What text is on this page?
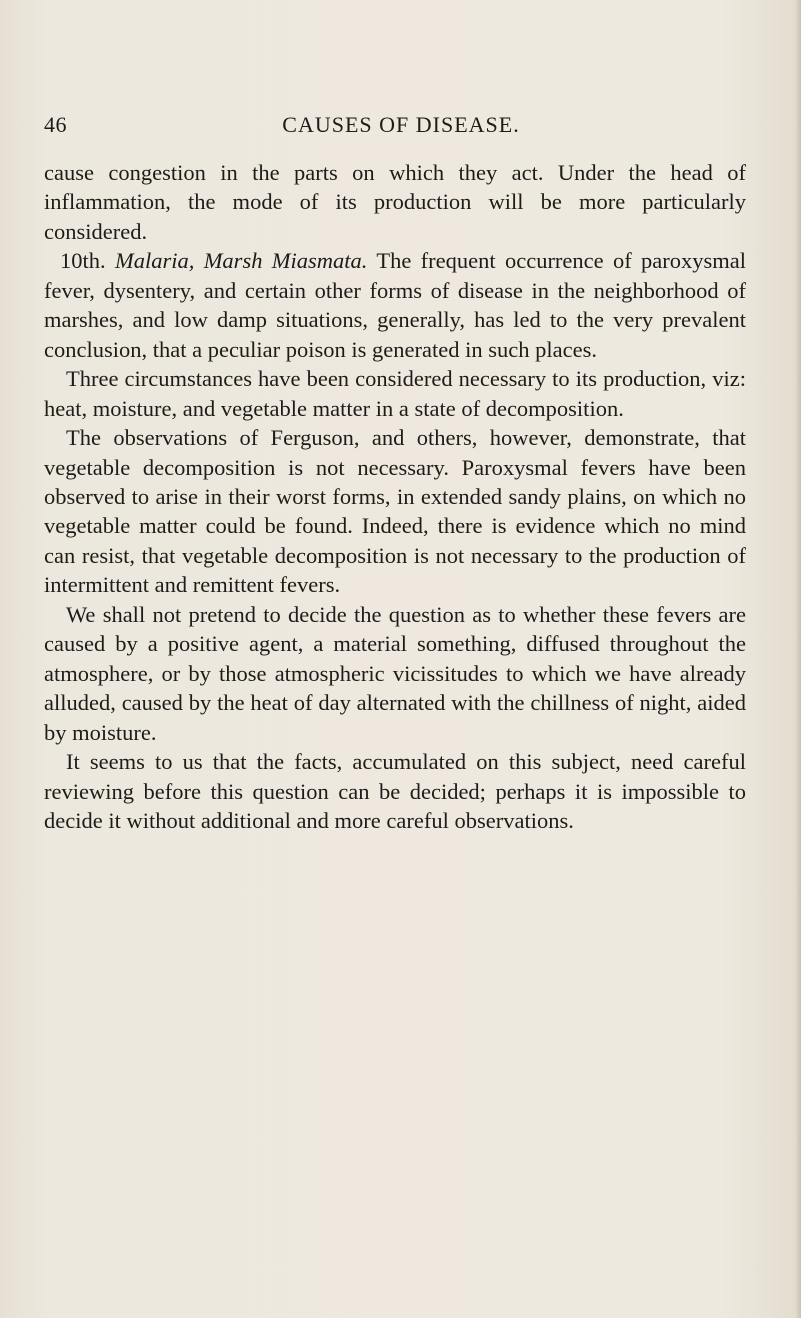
46	CAUSES OF DISEASE.

cause congestion in the parts on which they act. Under the head of inflammation, the mode of its production will be more particularly considered.

10th. Malaria, Marsh Miasmata. The frequent occurrence of paroxysmal fever, dysentery, and certain other forms of disease in the neighborhood of marshes, and low damp situations, generally, has led to the very prevalent conclusion, that a peculiar poison is generated in such places.

Three circumstances have been considered necessary to its production, viz: heat, moisture, and vegetable matter in a state of decomposition.

The observations of Ferguson, and others, however, demonstrate, that vegetable decomposition is not necessary. Paroxysmal fevers have been observed to arise in their worst forms, in extended sandy plains, on which no vegetable matter could be found. Indeed, there is evidence which no mind can resist, that vegetable decomposition is not necessary to the production of intermittent and remittent fevers.

We shall not pretend to decide the question as to whether these fevers are caused by a positive agent, a material something, diffused throughout the atmosphere, or by those atmospheric vicissitudes to which we have already alluded, caused by the heat of day alternated with the chillness of night, aided by moisture.

It seems to us that the facts, accumulated on this subject, need careful reviewing before this question can be decided; perhaps it is impossible to decide it without additional and more careful observations.
